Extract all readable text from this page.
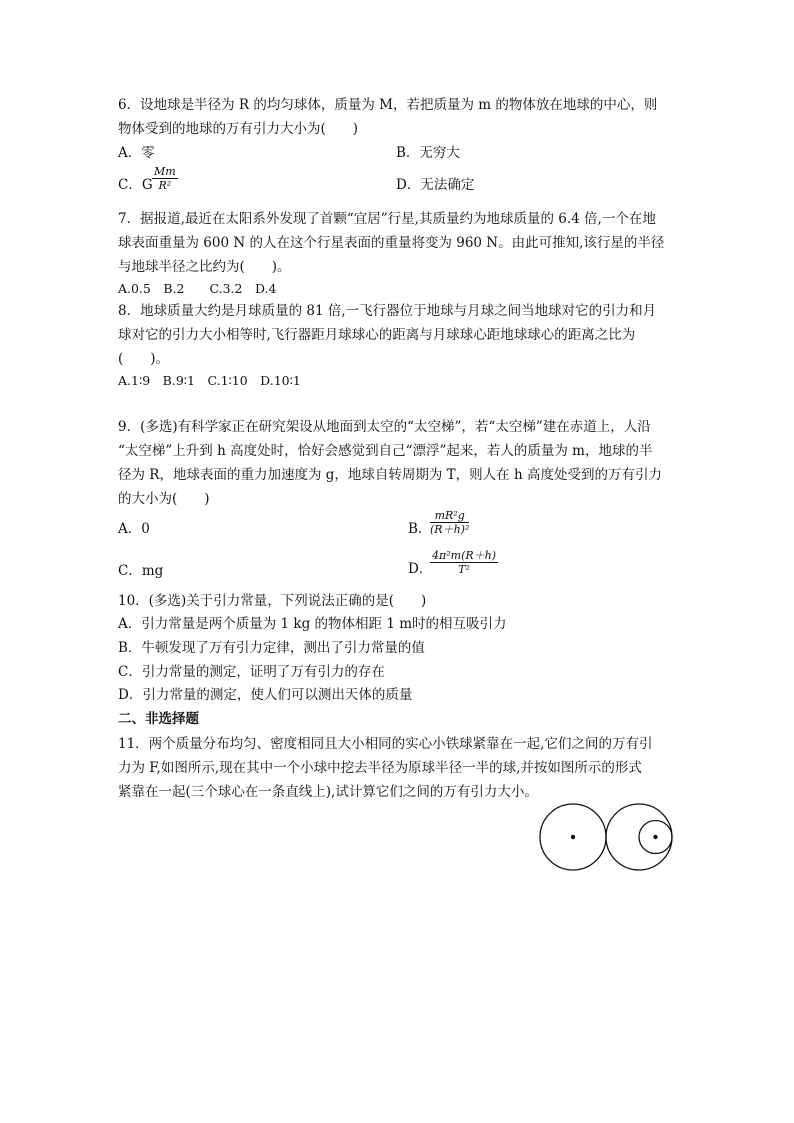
6．设地球是半径为 R 的均匀球体，质量为 M，若把质量为 m 的物体放在地球的中心，则
物体受到的地球的万有引力大小为(　　)
A．零	B．无穷大
C．G $\frac{Mm}{\text{R²}}$	D．无法确定
7．据报道,最近在太阳系外发现了首颗“宜居”行星,其质量约为地球质量的 6.4 倍,一个在地
球表面重量为 600 N 的人在这个行星表面的重量将变为 960 N。由此可推知,该行星的半径
与地球半径之比约为(　　)。
A.0.5　B.2　　C.3.2　D.4
8．地球质量大约是月球质量的 81 倍,一飞行器位于地球与月球之间当地球对它的引力和月
球对它的引力大小相等时,飞行器距月球球心的距离与月球球心距地球球心的距离之比为
(　　)。
A.1∶9　B.9∶1　C.1∶10　D.10∶1
9．(多选)有科学家正在研究架设从地面到太空的“太空梯”，若“太空梯”建在赤道上，人沿
“太空梯”上升到 h 高度处时，恰好会感觉到自己“漂浮”起来，若人的质量为 m，地球的半
径为 R，地球表面的重力加速度为 g，地球自转周期为 T，则人在 h 高度处受到的万有引力
的大小为(　　)
A．0	B．
$\frac{\text{mR²g}}{\text{(R＋h)²}}$
C．mg	D．
$\frac{\text{4π²m(R＋h)}}{\text{T²}}$
10．(多选)关于引力常量，下列说法正确的是(　　)
A．引力常量是两个质量为 1 kg 的物体相距 1 m时的相互吸引力
B．牛顿发现了万有引力定律，测出了引力常量的值
C．引力常量的测定，证明了万有引力的存在
D．引力常量的测定，使人们可以测出天体的质量
二、非选择题
11．两个质量分布均匀、密度相同且大小相同的实心小铁球紧靠在一起,它们之间的万有引
力为 F,如图所示,现在其中一个小球中挖去半径为原球半径一半的球,并按如图所示的形式
紧靠在一起(三个球心在一条直线上),试计算它们之间的万有引力大小。
